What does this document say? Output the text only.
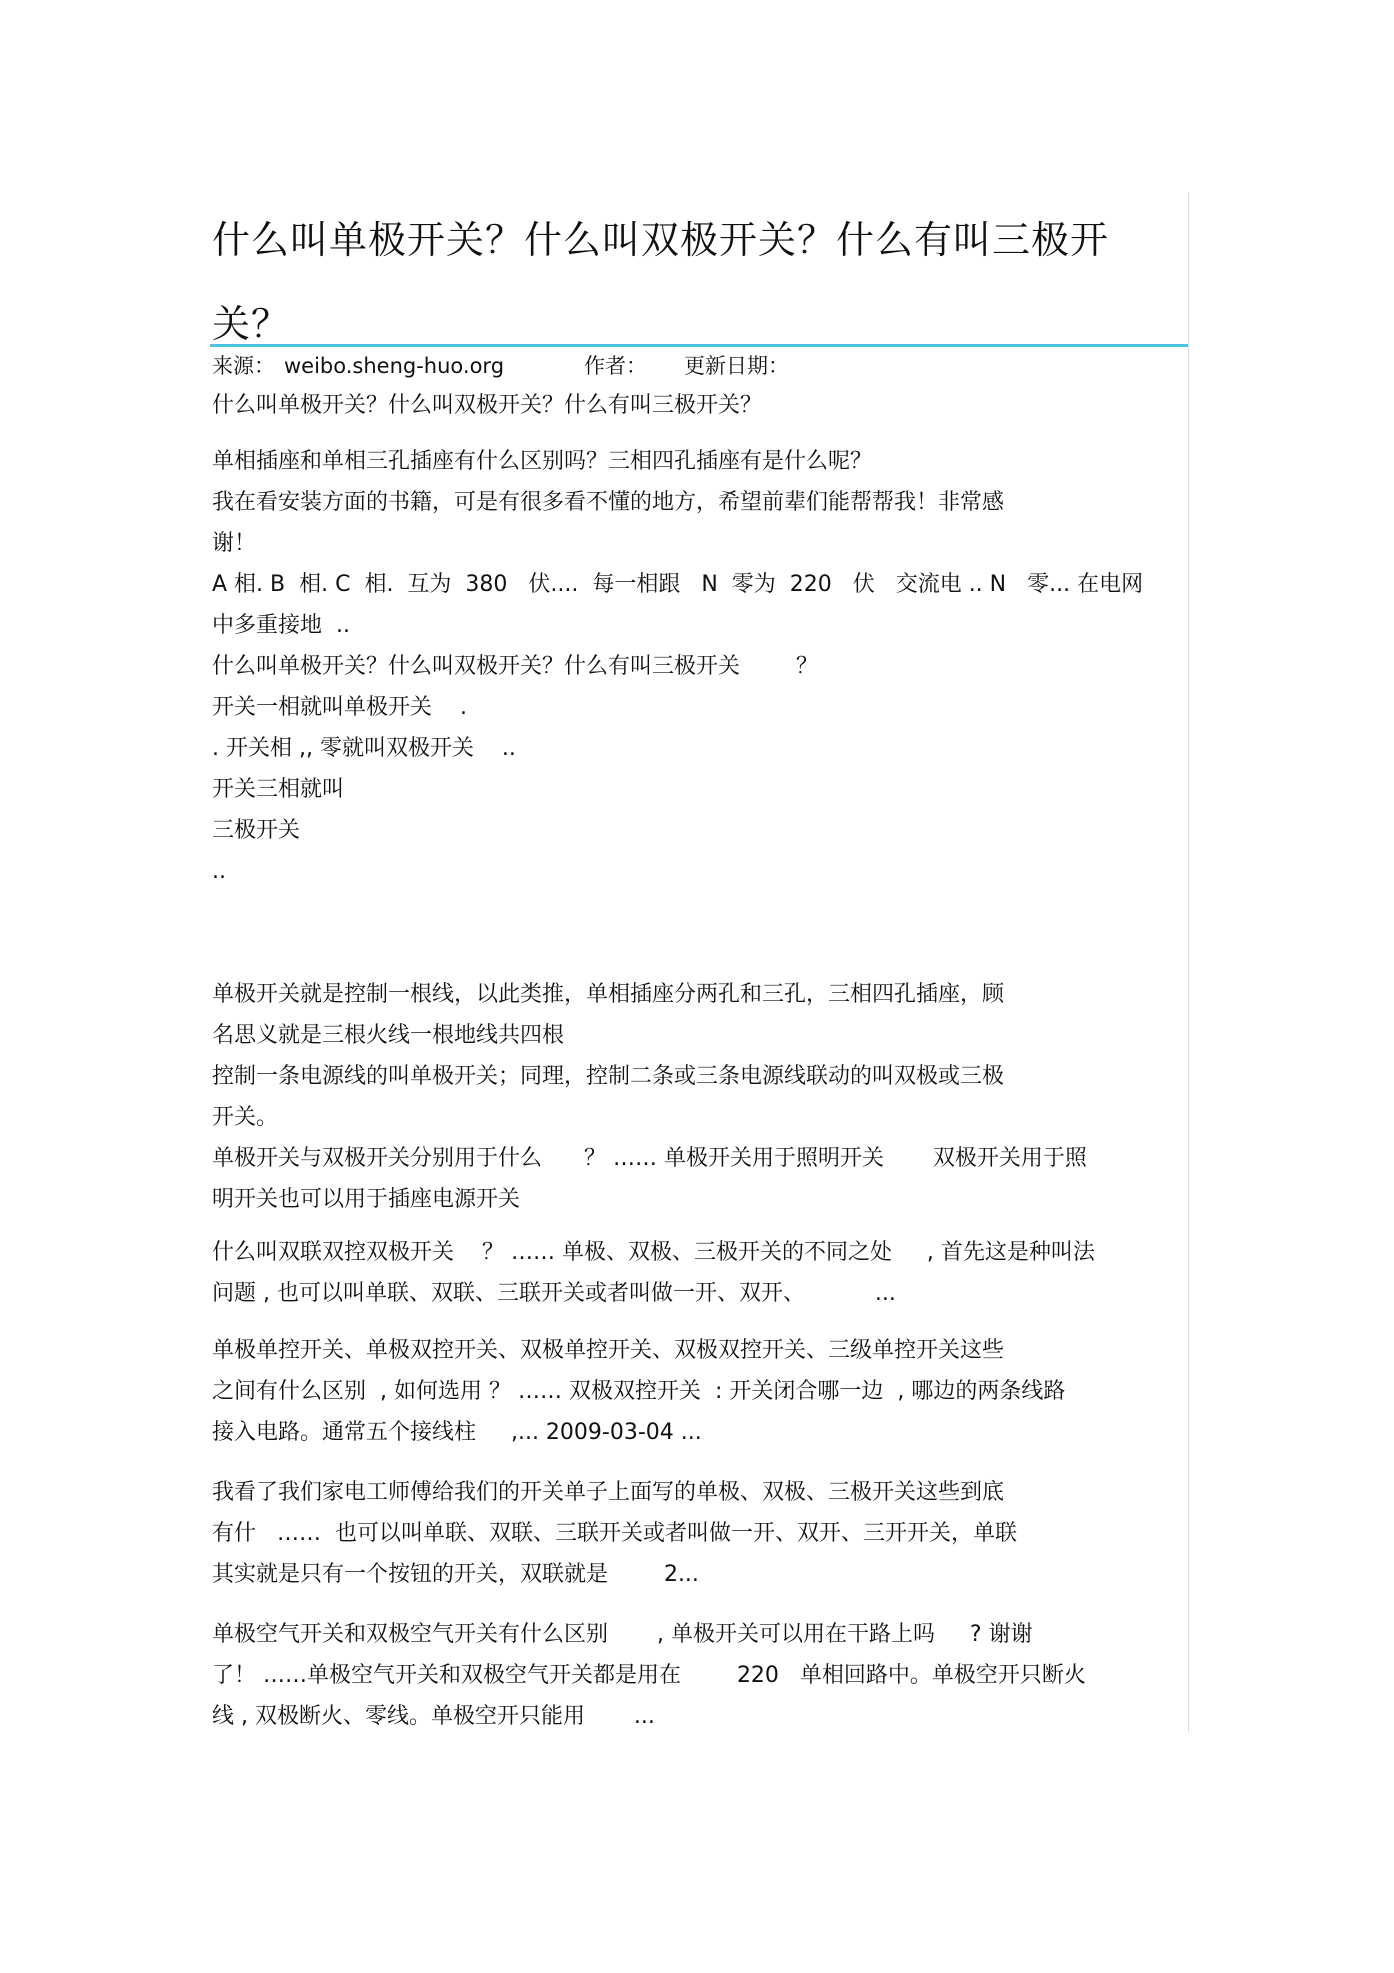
什么叫单极开关？什么叫双极开关？什么有叫三极开关？
来源： weibo.sheng-huo.org	作者： 更新日期：
什么叫单极开关？什么叫双极开关？什么有叫三极开关？
单相插座和单相三孔插座有什么区别吗？三相四孔插座有是什么呢？
我在看安装方面的书籍，可是有很多看不懂的地方，希望前辈们能帮帮我！非常感
谢！
A 相. B  相. C  相.  互为  380   伏....  每一相跟   N  零为  220   伏   交流电 .. N   零... 在电网
中多重接地  ..
什么叫单极开关？什么叫双极开关？什么有叫三极开关        ？
开关一相就叫单极开关    .
. 开关相 ,, 零就叫双极开关    ..
开关三相就叫
三极开关
..
单极开关就是控制一根线，以此类推，单相插座分两孔和三孔，三相四孔插座，顾
名思义就是三根火线一根地线共四根
控制一条电源线的叫单极开关；同理，控制二条或三条电源线联动的叫双极或三极
开关。
单极开关与双极开关分别用于什么      ？ …… 单极开关用于照明开关       双极开关用于照
明开关也可以用于插座电源开关
什么叫双联双控双极开关    ？ …… 单极、双极、三极开关的不同之处     , 首先这是种叫法
问题 , 也可以叫单联、双联、三联开关或者叫做一开、双开、          ...
单极单控开关、单极双控开关、双极单控开关、双极双控开关、三级单控开关这些
之间有什么区别  , 如何选用 ？ …… 双极双控开关  : 开关闭合哪一边  , 哪边的两条线路
接入电路。通常五个接线柱     ,... 2009-03-04 ...
我看了我们家电工师傅给我们的开关单子上面写的单极、双极、三极开关这些到底
有什   ……  也可以叫单联、双联、三联开关或者叫做一开、双开、三开开关，单联
其实就是只有一个按钮的开关，双联就是        2...
单极空气开关和双极空气开关有什么区别       , 单极开关可以用在干路上吗     ? 谢谢
了！ ……单极空气开关和双极空气开关都是用在        220   单相回路中。单极空开只断火
线 , 双极断火、零线。单极空开只能用       ...
